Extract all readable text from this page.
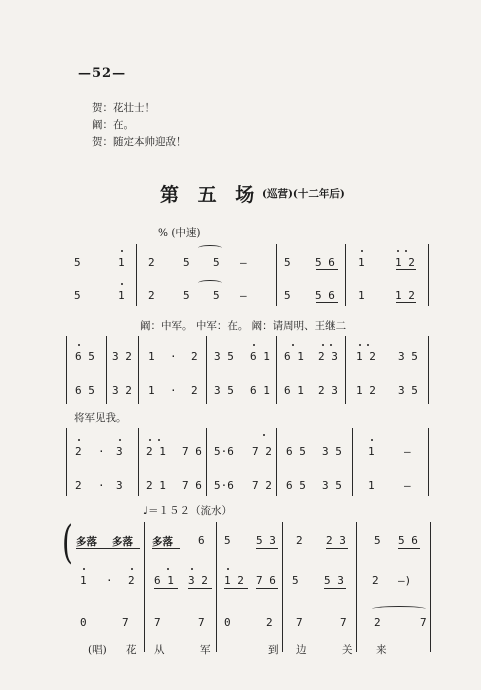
—52—
贺：花壮士！
阚：在。
贺：随定本帅迎敌！
第 五 场 (巡营)(十二年后)
% (中速)
5	1 2	5 5 —	5 5 6 1	1 2
5	1 2	5 5 —	5 5 6 1	1 2
阚：中军。 中军：在。 阚：请周明、王继二
6 5 3 2 1 · 2 3 5 6 1 6 1 2 3 1 2 3 5
6 5 3 2 1 · 2 3 5 6 1 6 1 2 3 1 2 3 5
将军见我。
2 · 3 2 1 7 6 5·6 7 2 6 5 3 5 1	—
2 · 3 2 1 7 6 5·6 7 2 6 5 3 5 1	—
♩＝１５２（流水）
( 多落 多落 多落 6 5 5 3 2 2 3	5 5 6
1 · 2 6 1 3 2 1 2 7 6 5 5 3	2 —)
0	7 7	7 0	2 7	7 2	7
(唱) 花 从	军	到 边	关 来
